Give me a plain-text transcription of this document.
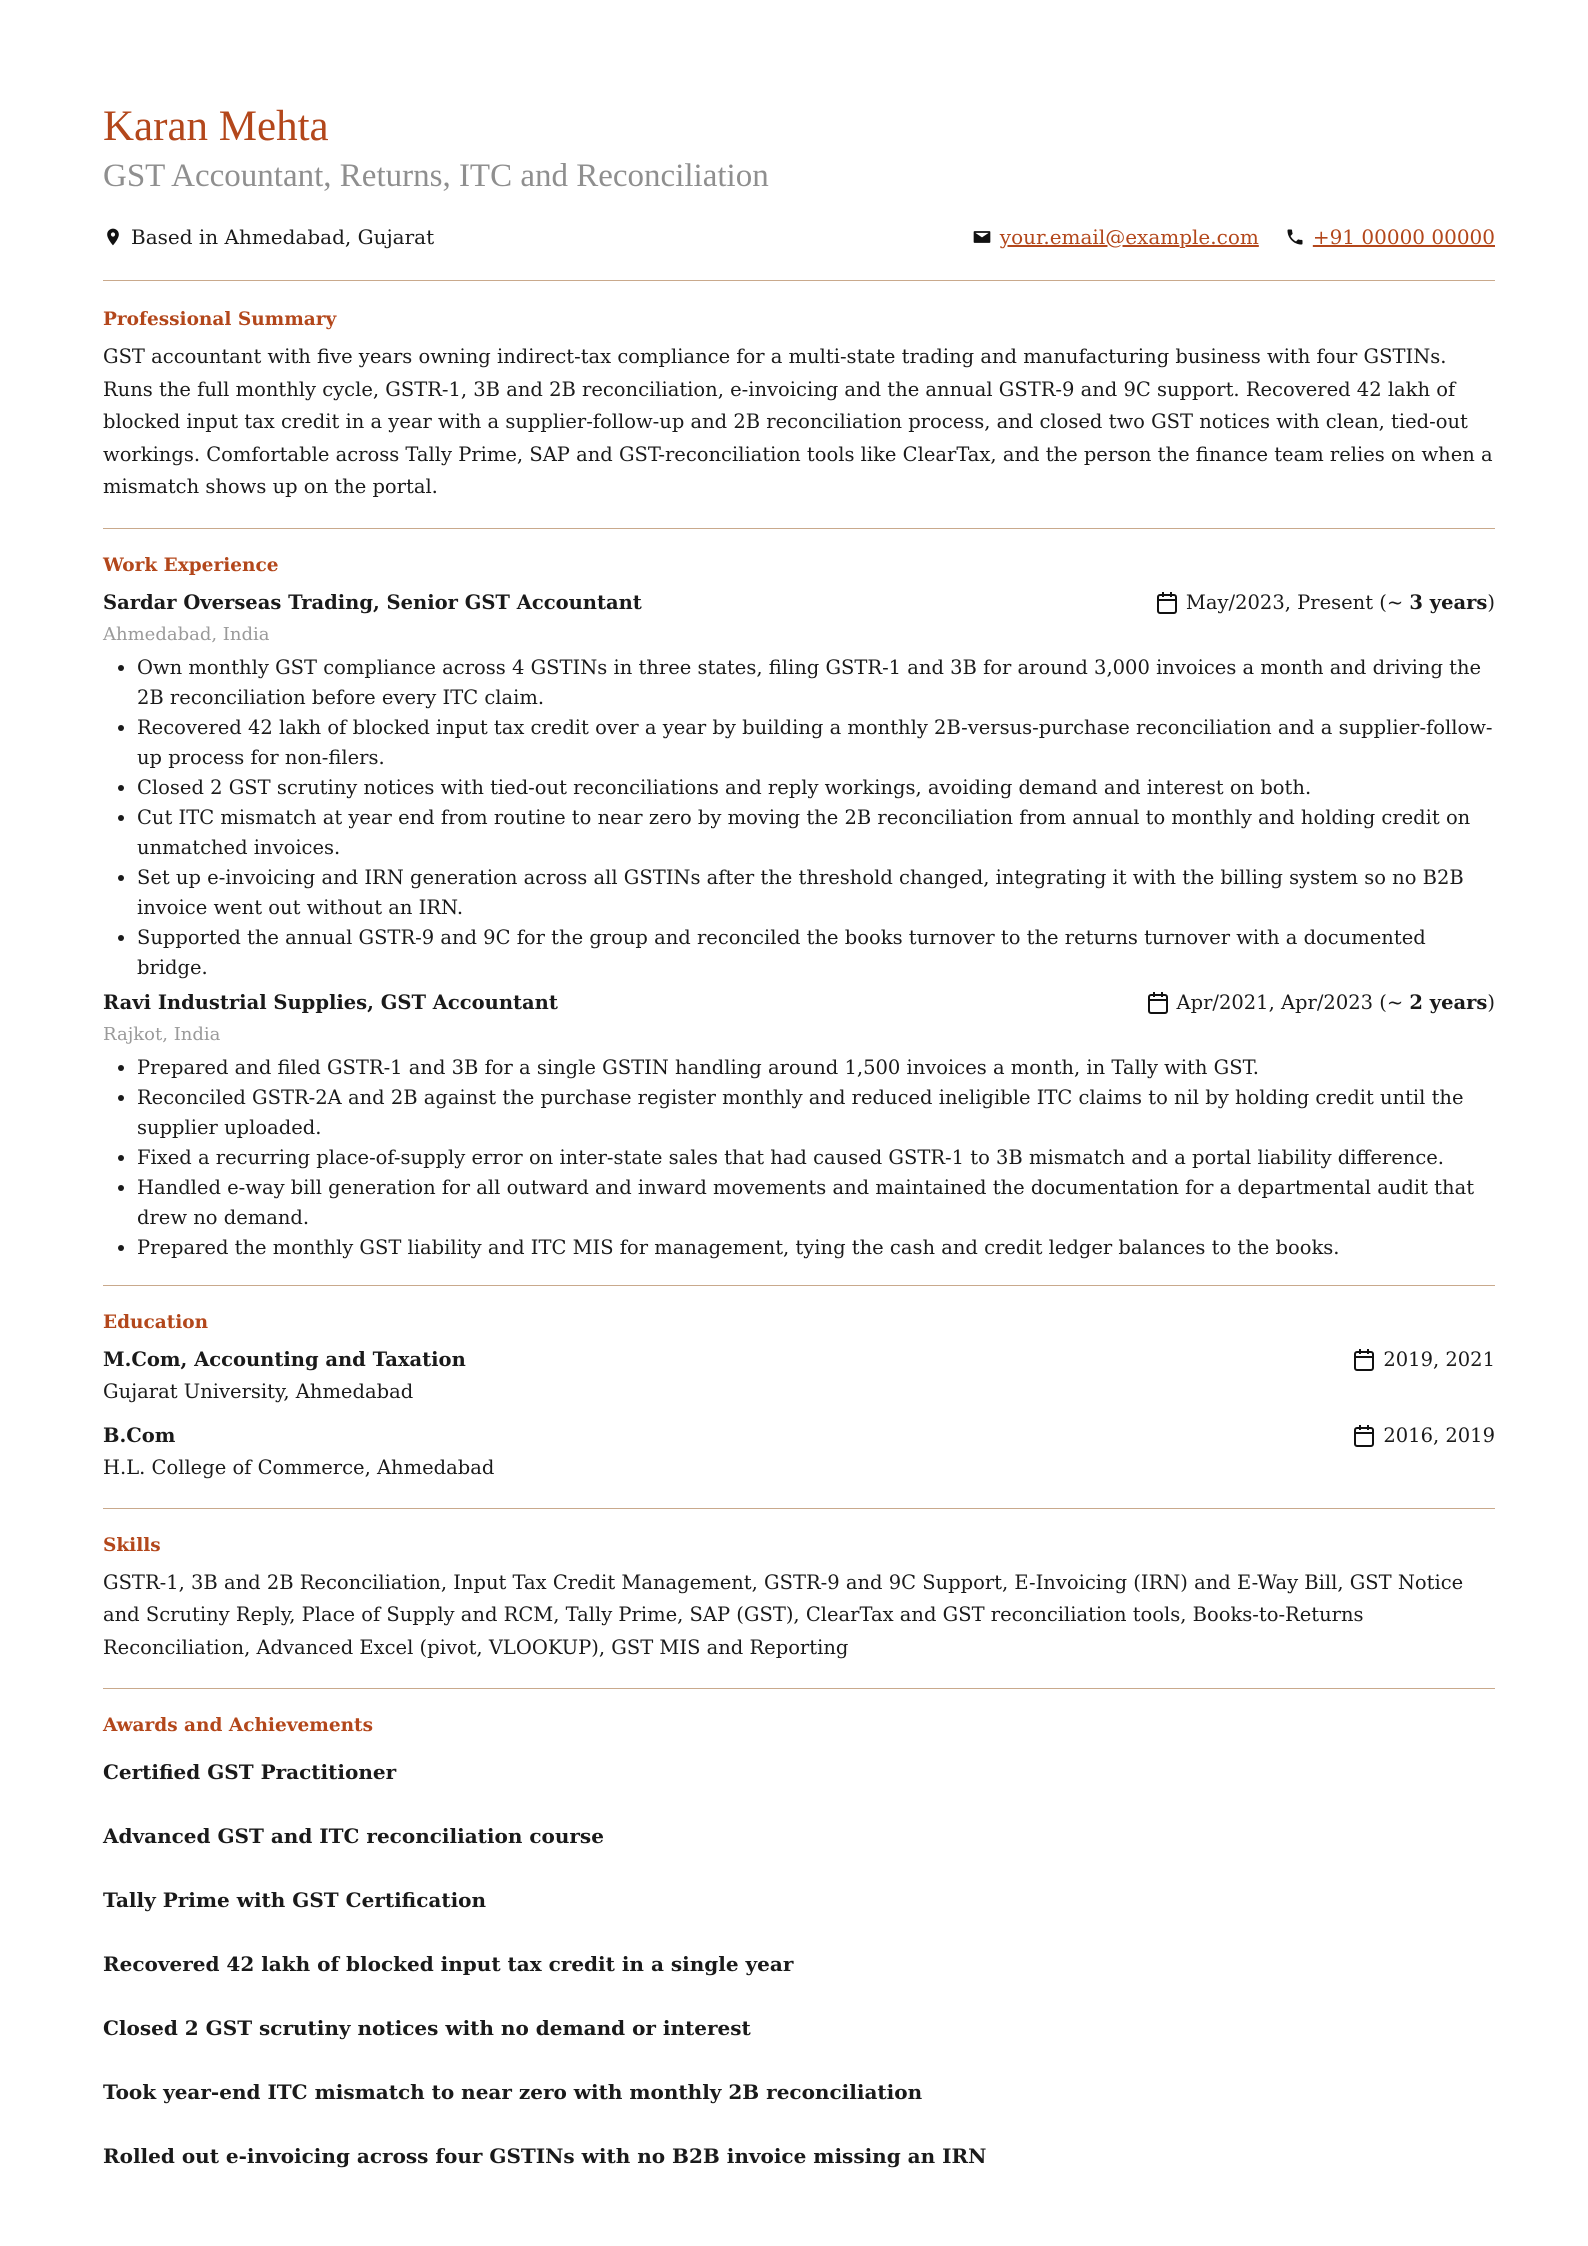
Karan Mehta
GST Accountant, Returns, ITC and Reconciliation
Based in Ahmedabad, Gujarat	your.email@example.com	+91 00000 00000
Professional Summary
GST accountant with five years owning indirect-tax compliance for a multi-state trading and manufacturing business with four GSTINs. Runs the full monthly cycle, GSTR-1, 3B and 2B reconciliation, e-invoicing and the annual GSTR-9 and 9C support. Recovered 42 lakh of blocked input tax credit in a year with a supplier-follow-up and 2B reconciliation process, and closed two GST notices with clean, tied-out workings. Comfortable across Tally Prime, SAP and GST-reconciliation tools like ClearTax, and the person the finance team relies on when a mismatch shows up on the portal.
Work Experience
Sardar Overseas Trading, Senior GST Accountant	May/2023, Present (~ 3 years )
Ahmedabad, India
• Own monthly GST compliance across 4 GSTINs in three states, filing GSTR-1 and 3B for around 3,000 invoices a month and driving the 2B reconciliation before every ITC claim.
• Recovered 42 lakh of blocked input tax credit over a year by building a monthly 2B-versus-purchase reconciliation and a supplier-follow-up process for non-filers.
• Closed 2 GST scrutiny notices with tied-out reconciliations and reply workings, avoiding demand and interest on both.
• Cut ITC mismatch at year end from routine to near zero by moving the 2B reconciliation from annual to monthly and holding credit on unmatched invoices.
• Set up e-invoicing and IRN generation across all GSTINs after the threshold changed, integrating it with the billing system so no B2B invoice went out without an IRN.
• Supported the annual GSTR-9 and 9C for the group and reconciled the books turnover to the returns turnover with a documented bridge.
Ravi Industrial Supplies, GST Accountant	Apr/2021, Apr/2023 (~ 2 years )
Rajkot, India
• Prepared and filed GSTR-1 and 3B for a single GSTIN handling around 1,500 invoices a month, in Tally with GST.
• Reconciled GSTR-2A and 2B against the purchase register monthly and reduced ineligible ITC claims to nil by holding credit until the supplier uploaded.
• Fixed a recurring place-of-supply error on inter-state sales that had caused GSTR-1 to 3B mismatch and a portal liability difference.
• Handled e-way bill generation for all outward and inward movements and maintained the documentation for a departmental audit that drew no demand.
• Prepared the monthly GST liability and ITC MIS for management, tying the cash and credit ledger balances to the books.
Education
M.Com, Accounting and Taxation	2019, 2021
Gujarat University, Ahmedabad
B.Com	2016, 2019
H.L. College of Commerce, Ahmedabad
Skills
GSTR-1, 3B and 2B Reconciliation, Input Tax Credit Management, GSTR-9 and 9C Support, E-Invoicing (IRN) and E-Way Bill, GST Notice and Scrutiny Reply, Place of Supply and RCM, Tally Prime, SAP (GST), ClearTax and GST reconciliation tools, Books-to-Returns Reconciliation, Advanced Excel (pivot, VLOOKUP), GST MIS and Reporting
Awards and Achievements
Certified GST Practitioner
Advanced GST and ITC reconciliation course
Tally Prime with GST Certification
Recovered 42 lakh of blocked input tax credit in a single year
Closed 2 GST scrutiny notices with no demand or interest
Took year-end ITC mismatch to near zero with monthly 2B reconciliation
Rolled out e-invoicing across four GSTINs with no B2B invoice missing an IRN
